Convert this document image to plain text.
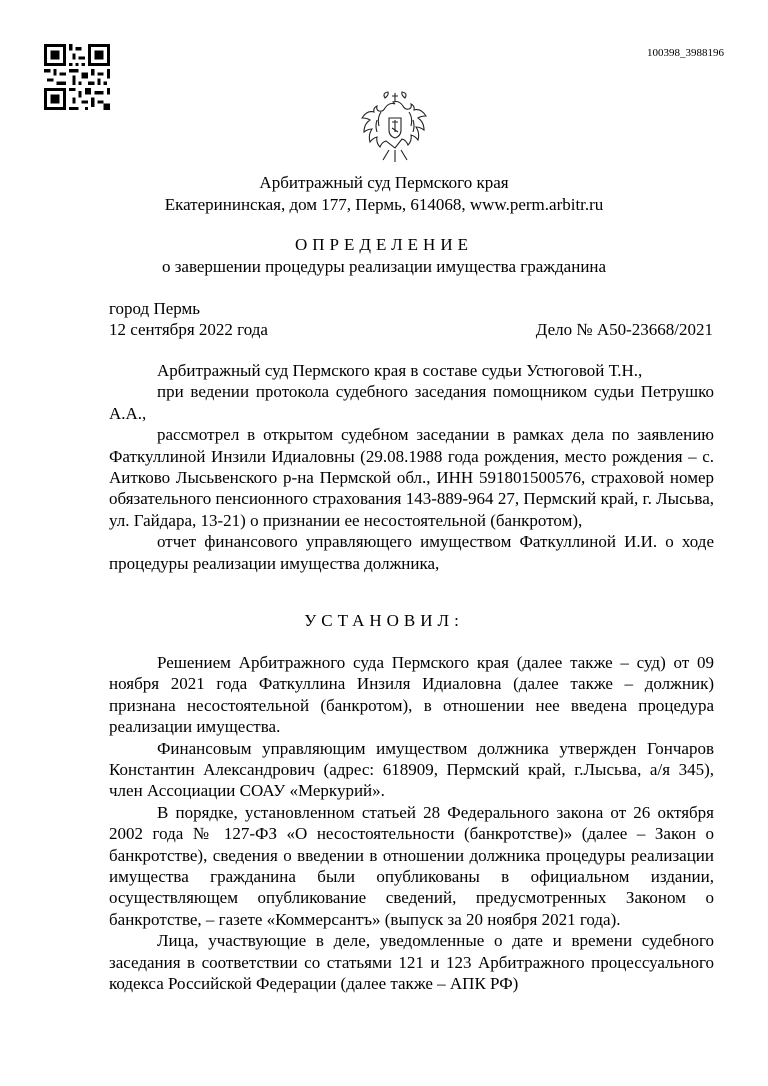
100398_3988196
Арбитражный суд Пермского края
Екатерининская, дом 177, Пермь, 614068, www.perm.arbitr.ru
ОПРЕДЕЛЕНИЕ
о завершении процедуры реализации имущества гражданина
город Пермь
12 сентября 2022 года	Дело № А50-23668/2021

Арбитражный суд Пермского края в составе судьи Устюговой Т.Н.,

при ведении протокола судебного заседания помощником судьи Петрушко А.А.,

рассмотрел в открытом судебном заседании в рамках дела по заявлению Фаткуллиной Инзили Идиаловны (29.08.1988 года рождения, место рождения – с. Аитково Лысьвенского р-на Пермской обл., ИНН 591801500576, страховой номер обязательного пенсионного страхования 143-889-964 27, Пермский край, г. Лысьва, ул. Гайдара, 13-21) о признании ее несостоятельной (банкротом),

отчет финансового управляющего имуществом Фаткуллиной И.И. о ходе процедуры реализации имущества должника,

УСТАНОВИЛ:

Решением Арбитражного суда Пермского края (далее также – суд) от 09 ноября 2021 года Фаткуллина Инзиля Идиаловна (далее также – должник) признана несостоятельной (банкротом), в отношении нее введена процедура реализации имущества.

Финансовым управляющим имуществом должника утвержден Гончаров Константин Александрович (адрес: 618909, Пермский край, г.Лысьва, а/я 345), член Ассоциации СОАУ «Меркурий».

В порядке, установленном статьей 28 Федерального закона от 26 октября 2002 года № 127-ФЗ «О несостоятельности (банкротстве)» (далее – Закон о банкротстве), сведения о введении в отношении должника процедуры реализации имущества гражданина были опубликованы в официальном издании, осуществляющем опубликование сведений, предусмотренных Законом о банкротстве, – газете «Коммерсантъ» (выпуск за 20 ноября 2021 года).

Лица, участвующие в деле, уведомленные о дате и времени судебного заседания в соответствии со статьями 121 и 123 Арбитражного процессуального кодекса Российской Федерации (далее также – АПК РФ)
